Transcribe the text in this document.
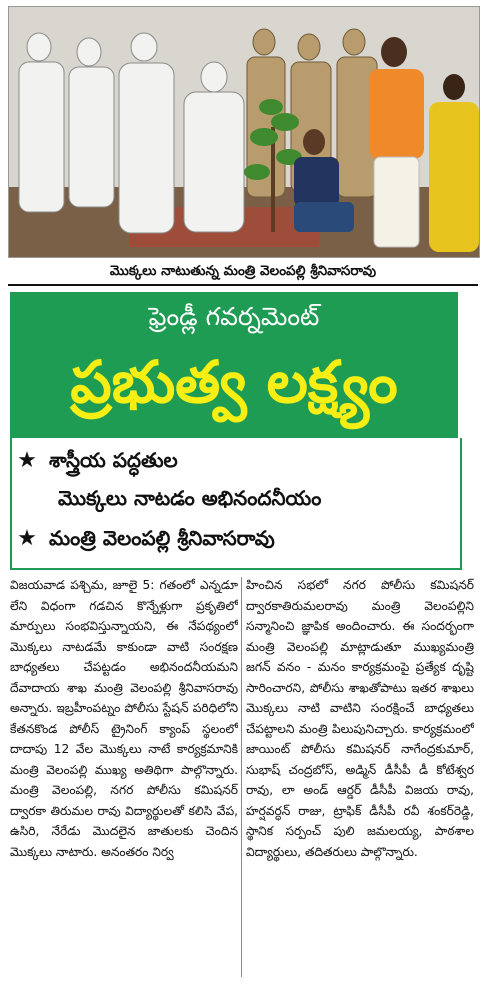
మొక్కలు నాటుతున్న మంత్రి వెలంపల్లి శ్రీనివాసరావు
ఫ్రెండ్లీ గవర్నమెంట్
ప్రభుత్వ లక్ష్యం
★ శాస్త్రీయ పద్ధతుల
మొక్కలు నాటడం అభినందనీయం
★ మంత్రి వెలంపల్లి శ్రీనివాసరావు

విజయవాడ పశ్చిమ, జూలై 5: గతంలో ఎన్నడూ లేని విధంగా గడచిన కొన్నేళ్లుగా ప్రకృతిలో మార్పులు సంభవిస్తున్నాయని, ఈ నేపథ్యంలో మొక్కలు నాటడమే కాకుండా వాటి సంరక్షణ బాధ్యతలు చేపట్టడం అభినందనీయమని దేవాదాయ శాఖ మంత్రి వెలంపల్లి శ్రీనివాసరావు అన్నారు. ఇబ్రహీంపట్నం పోలీసు స్టేషన్ పరిధిలోని కేతనకొండ పోలీస్ ట్రైనింగ్ క్యాంప్ స్థలంలో దాదాపు 12 వేల మొక్కలు నాటే కార్యక్రమానికి మంత్రి వెలంపల్లి ముఖ్య అతిథిగా పాల్గొన్నారు. మంత్రి వెలంపల్లి, నగర పోలీసు కమిషనర్ ద్వారకా తిరుమల రావు విద్యార్థులతో కలిసి వేప, ఉసిరి, నేరేడు మొదలైన జాతులకు చెందిన మొక్కలు నాటారు. అనంతరం నిర్వ

హించిన సభలో నగర పోలీసు కమిషనర్ ద్వారకాతిరుమలరావు మంత్రి వెలంపల్లిని సన్మానించి జ్ఞాపిక అందించారు. ఈ సందర్భంగా మంత్రి వెలంపల్లి మాట్లాడుతూ ముఖ్యమంత్రి జగన్ వనం - మనం కార్యక్రమంపై ప్రత్యేక దృష్టి సారించారని, పోలీసు శాఖతోపాటు ఇతర శాఖలు మొక్కలు నాటి వాటిని సంరక్షించే బాధ్యతలు చేపట్టాలని మంత్రి పిలుపునిచ్చారు. కార్యక్రమంలో జాయింట్ పోలీసు కమిషనర్ నాగేంద్రకుమార్, సుభాష్ చంద్రబోస్, అడ్మిన్ డీసీపీ డీ కోటేశ్వర రావు, లా అండ్ ఆర్డర్ డీసీపీ విజయ రావు, హర్షవర్ధన్ రాజు, ట్రాఫిక్ డీసీపీ రవీ శంకర్‌రెడ్డి, స్థానిక సర్పంచ్ పులి జమలయ్య, పాఠశాల విద్యార్థులు, తదితరులు పాల్గొన్నారు.
